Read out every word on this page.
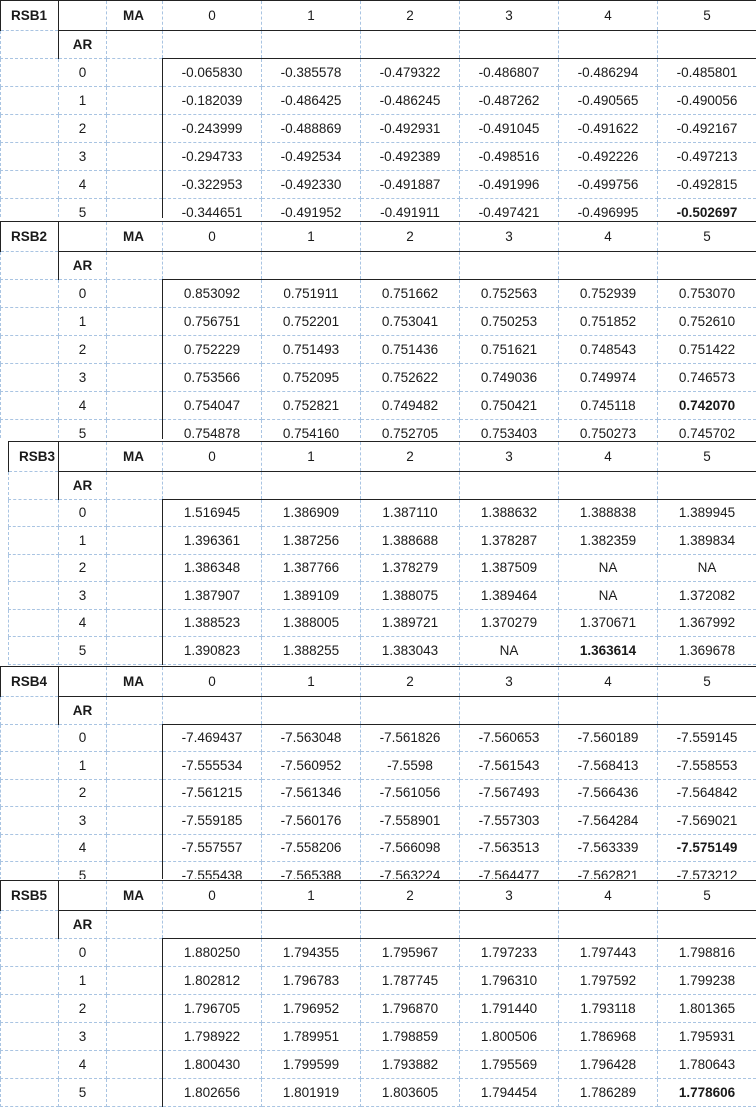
RSB1		MA	0	1	2	3	4	5
	AR							
	0		-0.065830	-0.385578	-0.479322	-0.486807	-0.486294	-0.485801
	1		-0.182039	-0.486425	-0.486245	-0.487262	-0.490565	-0.490056
	2		-0.243999	-0.488869	-0.492931	-0.491045	-0.491622	-0.492167
	3		-0.294733	-0.492534	-0.492389	-0.498516	-0.492226	-0.497213
	4		-0.322953	-0.492330	-0.491887	-0.491996	-0.499756	-0.492815
	5		-0.344651	-0.491952	-0.491911	-0.497421	-0.496995	-0.502697
RSB2		MA	0	1	2	3	4	5
	AR							
	0		0.853092	0.751911	0.751662	0.752563	0.752939	0.753070
	1		0.756751	0.752201	0.753041	0.750253	0.751852	0.752610
	2		0.752229	0.751493	0.751436	0.751621	0.748543	0.751422
	3		0.753566	0.752095	0.752622	0.749036	0.749974	0.746573
	4		0.754047	0.752821	0.749482	0.750421	0.745118	0.742070
	5		0.754878	0.754160	0.752705	0.753403	0.750273	0.745702
RSB3		MA	0	1	2	3	4	5
	AR							
	0		1.516945	1.386909	1.387110	1.388632	1.388838	1.389945
	1		1.396361	1.387256	1.388688	1.378287	1.382359	1.389834
	2		1.386348	1.387766	1.378279	1.387509	NA	NA
	3		1.387907	1.389109	1.388075	1.389464	NA	1.372082
	4		1.388523	1.388005	1.389721	1.370279	1.370671	1.367992
	5		1.390823	1.388255	1.383043	NA	1.363614	1.369678
RSB4		MA	0	1	2	3	4	5
	AR							
	0		-7.469437	-7.563048	-7.561826	-7.560653	-7.560189	-7.559145
	1		-7.555534	-7.560952	-7.5598	-7.561543	-7.568413	-7.558553
	2		-7.561215	-7.561346	-7.561056	-7.567493	-7.566436	-7.564842
	3		-7.559185	-7.560176	-7.558901	-7.557303	-7.564284	-7.569021
	4		-7.557557	-7.558206	-7.566098	-7.563513	-7.563339	-7.575149
	5		-7.555438	-7.565388	-7.563224	-7.564477	-7.562821	-7.573212
RSB5		MA	0	1	2	3	4	5
	AR							
	0		1.880250	1.794355	1.795967	1.797233	1.797443	1.798816
	1		1.802812	1.796783	1.787745	1.796310	1.797592	1.799238
	2		1.796705	1.796952	1.796870	1.791440	1.793118	1.801365
	3		1.798922	1.789951	1.798859	1.800506	1.786968	1.795931
	4		1.800430	1.799599	1.793882	1.795569	1.796428	1.780643
	5		1.802656	1.801919	1.803605	1.794454	1.786289	1.778606
